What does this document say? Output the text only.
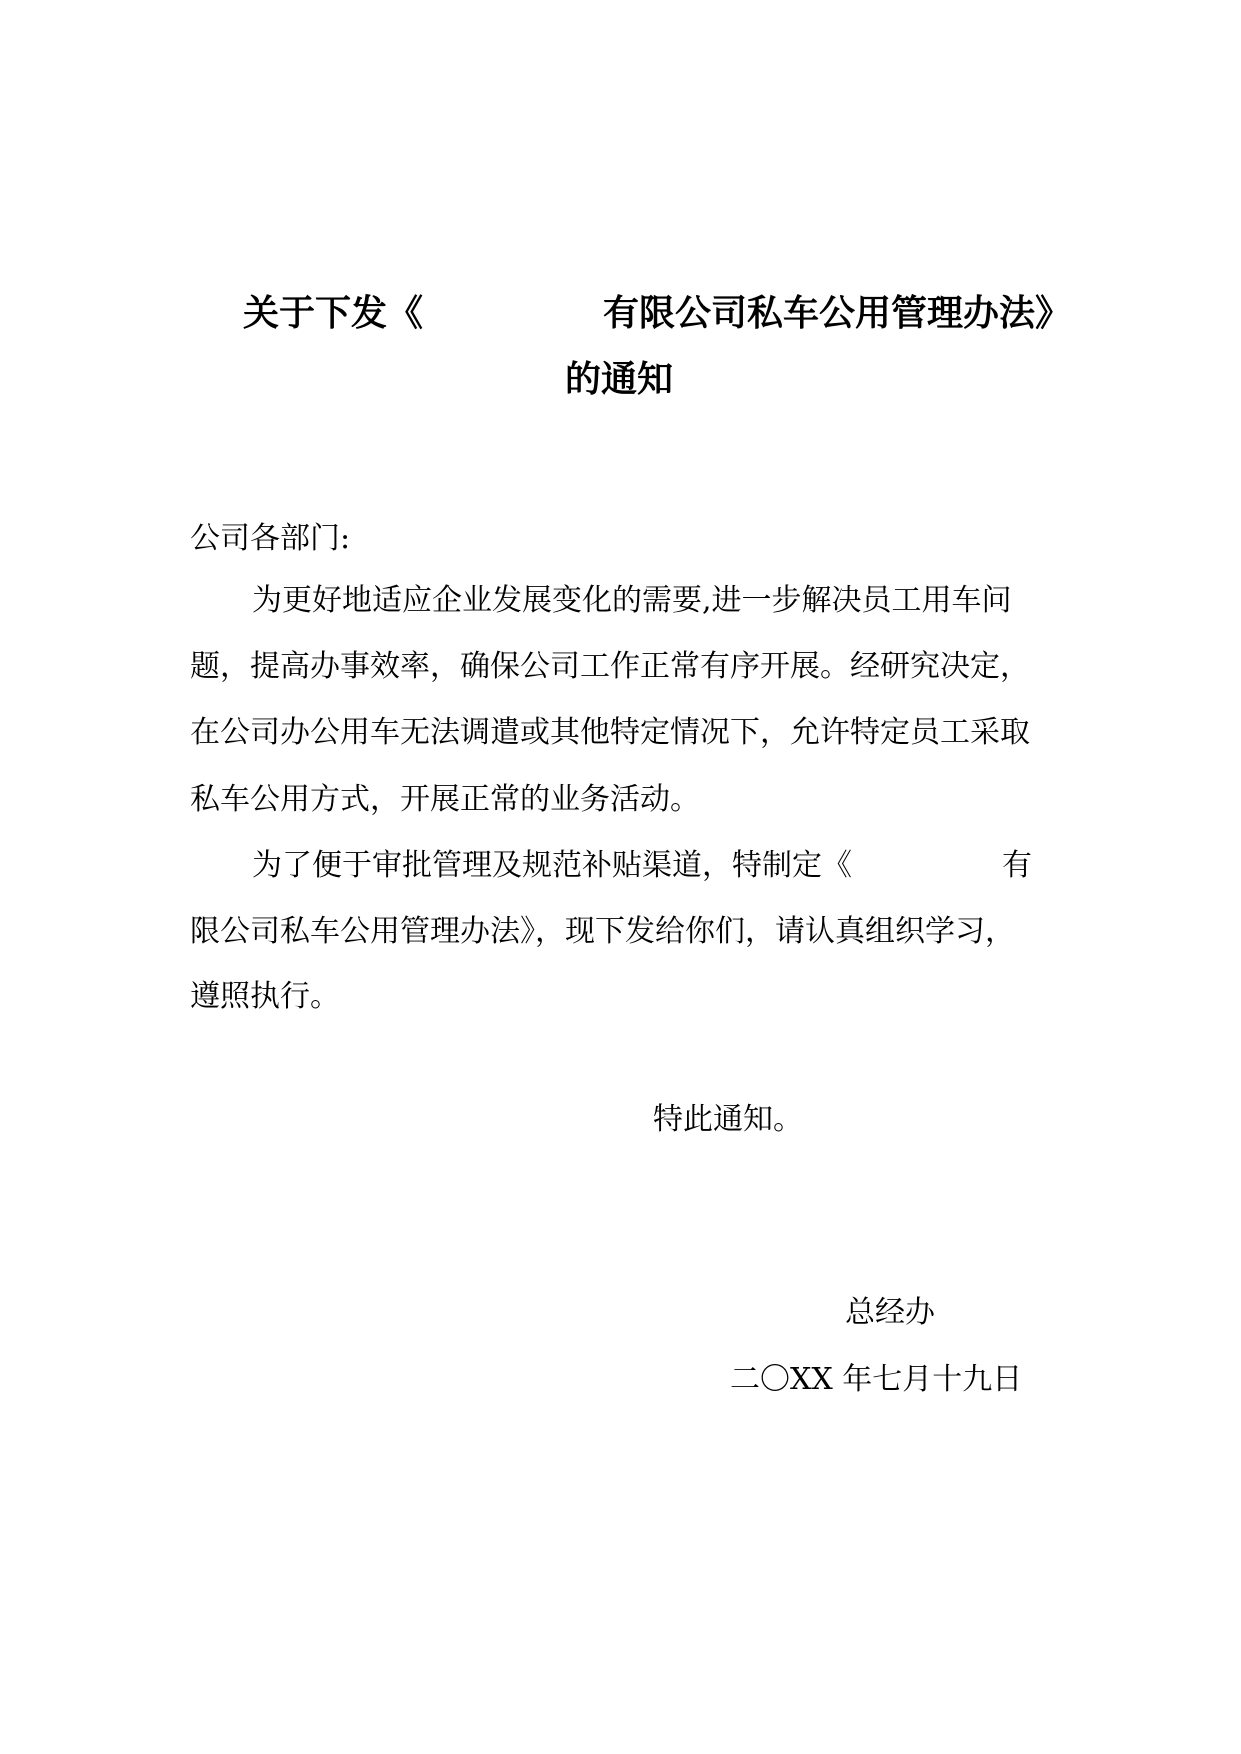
关于下发《　　　　　有限公司私车公用管理办法》
的通知
公司各部门:
为更好地适应企业发展变化的需要,进一步解决员工用车问
题，提高办事效率，确保公司工作正常有序开展。经研究决定，
在公司办公用车无法调遣或其他特定情况下，允许特定员工采取
私车公用方式，开展正常的业务活动。
为了便于审批管理及规范补贴渠道，特制定《　　　　　有
限公司私车公用管理办法》，现下发给你们，请认真组织学习，
遵照执行。
特此通知。
总经办
二〇XX 年七月十九日
